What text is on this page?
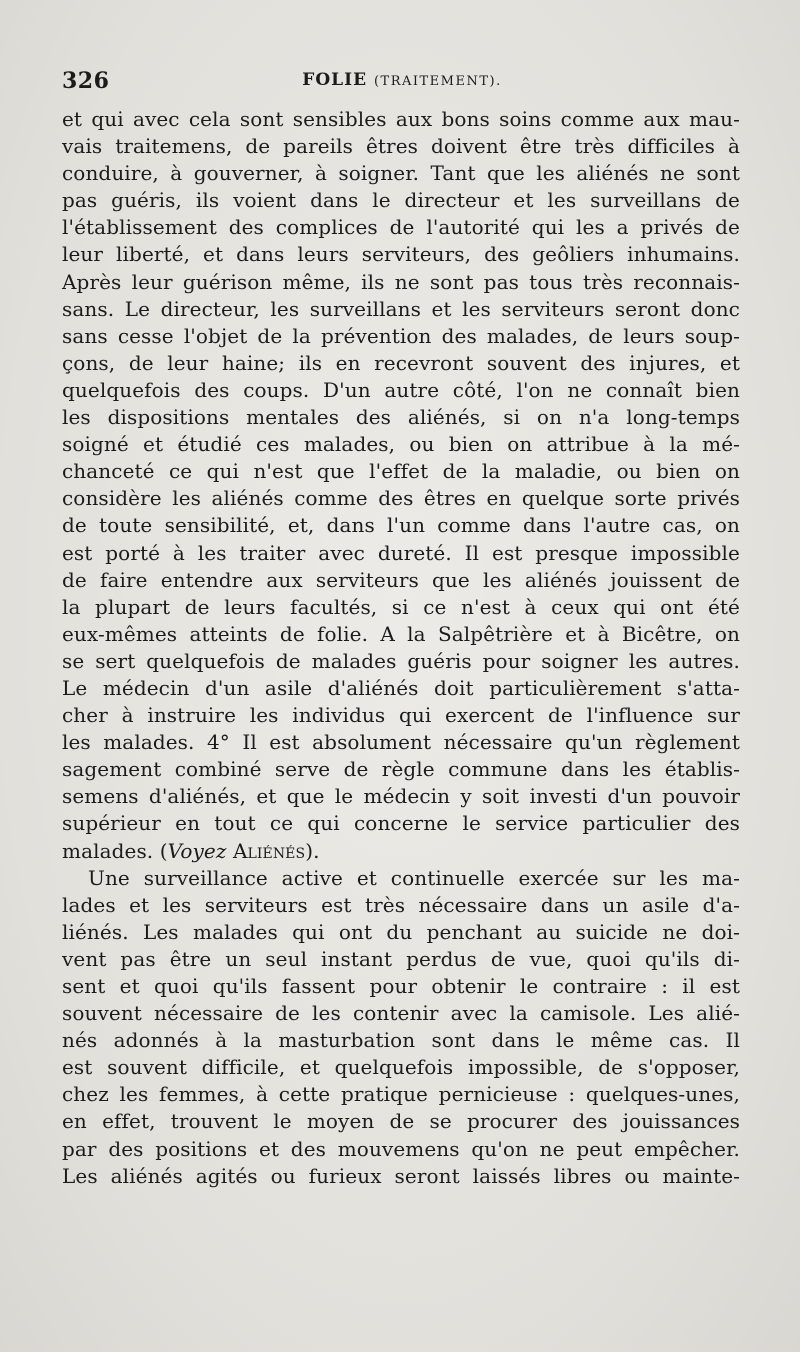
326	FOLIE (TRAITEMENT).
et qui avec cela sont sensibles aux bons soins comme aux mau-
vais traitemens, de pareils êtres doivent être très difficiles à
conduire, à gouverner, à soigner. Tant que les aliénés ne sont
pas guéris, ils voient dans le directeur et les surveillans de
l'établissement des complices de l'autorité qui les a privés de
leur liberté, et dans leurs serviteurs, des geôliers inhumains.
Après leur guérison même, ils ne sont pas tous très reconnais-
sans. Le directeur, les surveillans et les serviteurs seront donc
sans cesse l'objet de la prévention des malades, de leurs soup-
çons, de leur haine; ils en recevront souvent des injures, et
quelquefois des coups. D'un autre côté, l'on ne connaît bien
les dispositions mentales des aliénés, si on n'a long-temps
soigné et étudié ces malades, ou bien on attribue à la mé-
chanceté ce qui n'est que l'effet de la maladie, ou bien on
considère les aliénés comme des êtres en quelque sorte privés
de toute sensibilité, et, dans l'un comme dans l'autre cas, on
est porté à les traiter avec dureté. Il est presque impossible
de faire entendre aux serviteurs que les aliénés jouissent de
la plupart de leurs facultés, si ce n'est à ceux qui ont été
eux-mêmes atteints de folie. A la Salpêtrière et à Bicêtre, on
se sert quelquefois de malades guéris pour soigner les autres.
Le médecin d'un asile d'aliénés doit particulièrement s'atta-
cher à instruire les individus qui exercent de l'influence sur
les malades. 4° Il est absolument nécessaire qu'un règlement
sagement combiné serve de règle commune dans les établis-
semens d'aliénés, et que le médecin y soit investi d'un pouvoir
supérieur en tout ce qui concerne le service particulier des
malades. (Voyez Aliénés).
Une surveillance active et continuelle exercée sur les ma-
lades et les serviteurs est très nécessaire dans un asile d'a-
liénés. Les malades qui ont du penchant au suicide ne doi-
vent pas être un seul instant perdus de vue, quoi qu'ils di-
sent et quoi qu'ils fassent pour obtenir le contraire : il est
souvent nécessaire de les contenir avec la camisole. Les alié-
nés adonnés à la masturbation sont dans le même cas. Il
est souvent difficile, et quelquefois impossible, de s'opposer,
chez les femmes, à cette pratique pernicieuse : quelques-unes,
en effet, trouvent le moyen de se procurer des jouissances
par des positions et des mouvemens qu'on ne peut empêcher.
Les aliénés agités ou furieux seront laissés libres ou mainte-
